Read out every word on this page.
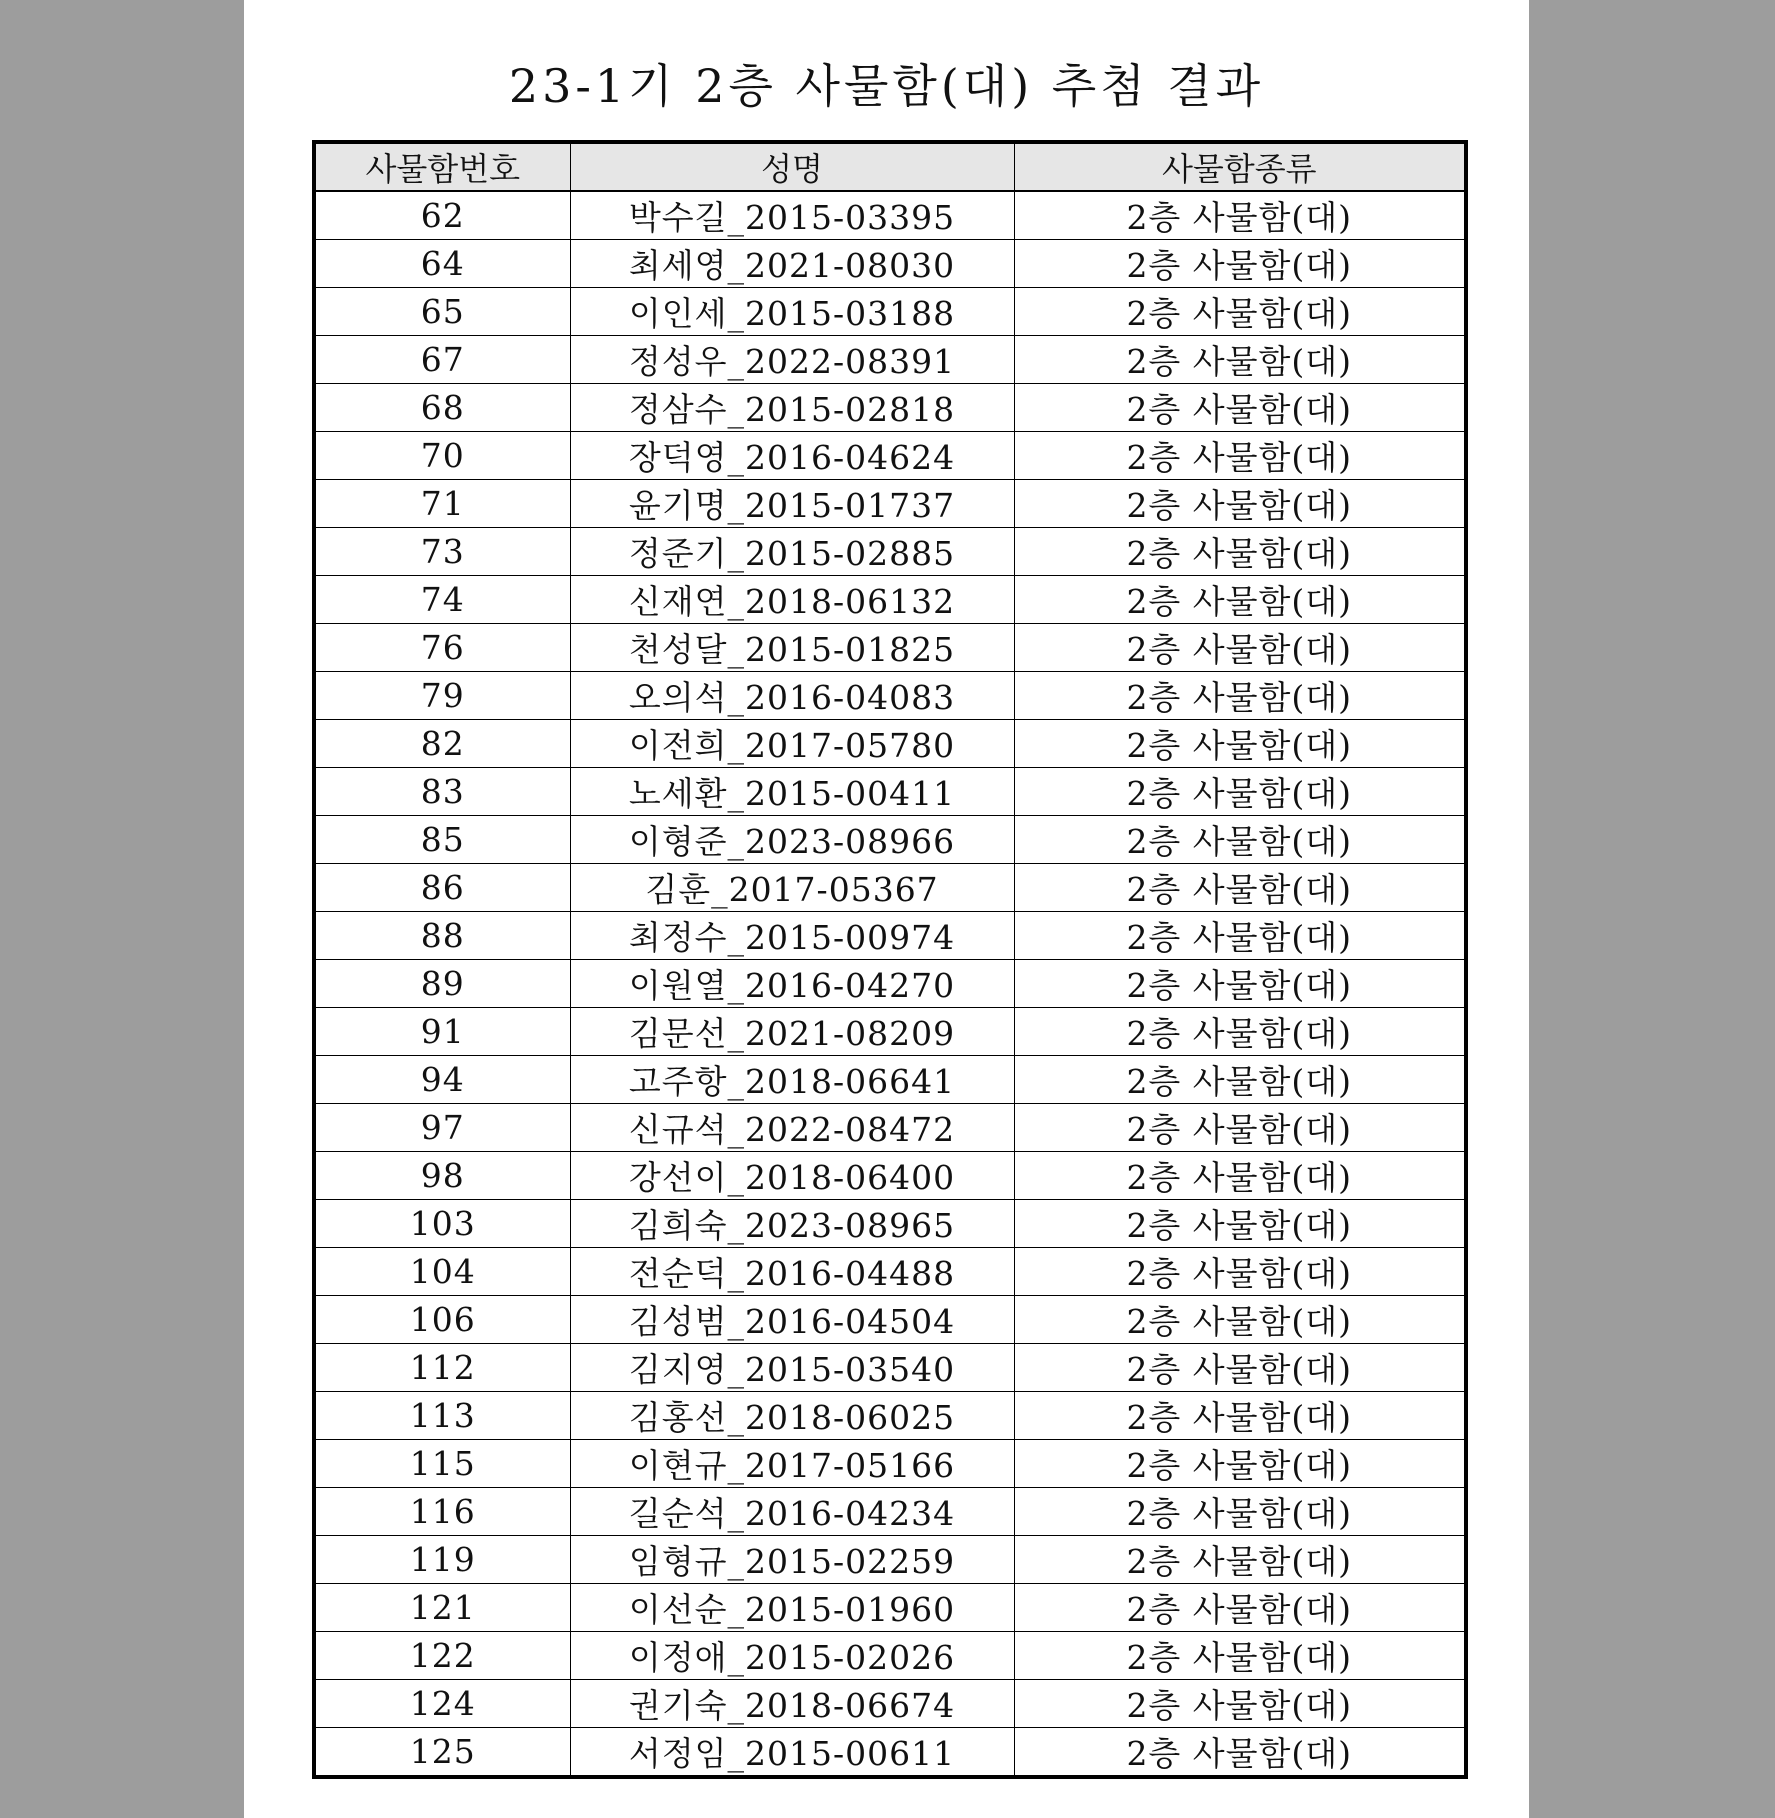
23-1기 2층 사물함(대) 추첨 결과
사물함번호	성명	사물함종류
62	박수길_2015-03395	2층 사물함(대)
64	최세영_2021-08030	2층 사물함(대)
65	이인세_2015-03188	2층 사물함(대)
67	정성우_2022-08391	2층 사물함(대)
68	정삼수_2015-02818	2층 사물함(대)
70	장덕영_2016-04624	2층 사물함(대)
71	윤기명_2015-01737	2층 사물함(대)
73	정준기_2015-02885	2층 사물함(대)
74	신재연_2018-06132	2층 사물함(대)
76	천성달_2015-01825	2층 사물함(대)
79	오의석_2016-04083	2층 사물함(대)
82	이전희_2017-05780	2층 사물함(대)
83	노세환_2015-00411	2층 사물함(대)
85	이형준_2023-08966	2층 사물함(대)
86	김훈_2017-05367	2층 사물함(대)
88	최정수_2015-00974	2층 사물함(대)
89	이원열_2016-04270	2층 사물함(대)
91	김문선_2021-08209	2층 사물함(대)
94	고주항_2018-06641	2층 사물함(대)
97	신규석_2022-08472	2층 사물함(대)
98	강선이_2018-06400	2층 사물함(대)
103	김희숙_2023-08965	2층 사물함(대)
104	전순덕_2016-04488	2층 사물함(대)
106	김성범_2016-04504	2층 사물함(대)
112	김지영_2015-03540	2층 사물함(대)
113	김홍선_2018-06025	2층 사물함(대)
115	이현규_2017-05166	2층 사물함(대)
116	길순석_2016-04234	2층 사물함(대)
119	임형규_2015-02259	2층 사물함(대)
121	이선순_2015-01960	2층 사물함(대)
122	이정애_2015-02026	2층 사물함(대)
124	권기숙_2018-06674	2층 사물함(대)
125	서정임_2015-00611	2층 사물함(대)
